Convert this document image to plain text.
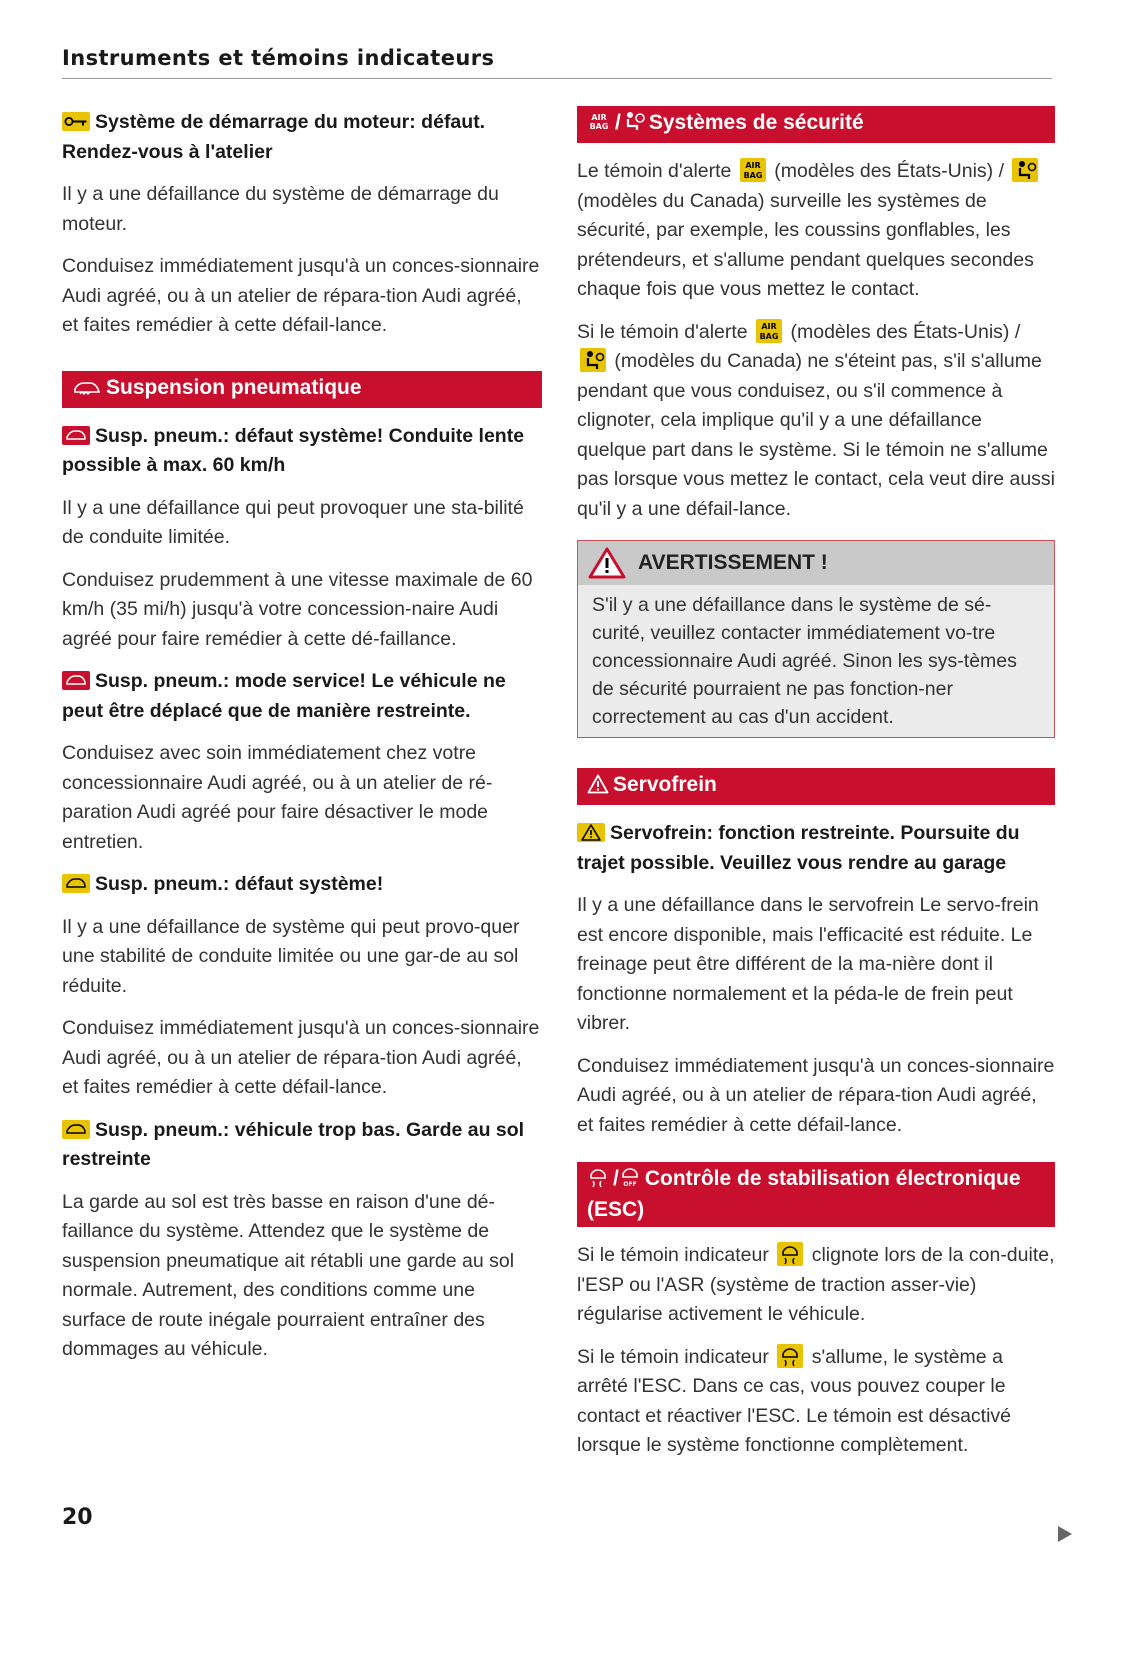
Instruments et témoins indicateurs
Système de démarrage du moteur: défaut. Rendez-vous à l'atelier

Il y a une défaillance du système de démarrage du moteur.

Conduisez immédiatement jusqu'à un conces-sionnaire Audi agréé, ou à un atelier de répara-tion Audi agréé, et faites remédier à cette défail-lance.

Suspension pneumatique
Susp. pneum.: défaut système! Conduite lente possible à max. 60 km/h

Il y a une défaillance qui peut provoquer une sta-bilité de conduite limitée.

Conduisez prudemment à une vitesse maximale de 60 km/h (35 mi/h) jusqu'à votre concession-naire Audi agréé pour faire remédier à cette dé-faillance.

Susp. pneum.: mode service! Le véhicule ne peut être déplacé que de manière restreinte.

Conduisez avec soin immédiatement chez votre concessionnaire Audi agréé, ou à un atelier de ré-paration Audi agréé pour faire désactiver le mode entretien.

Susp. pneum.: défaut système!

Il y a une défaillance de système qui peut provo-quer une stabilité de conduite limitée ou une gar-de au sol réduite.

Conduisez immédiatement jusqu'à un conces-sionnaire Audi agréé, ou à un atelier de répara-tion Audi agréé, et faites remédier à cette défail-lance.

Susp. pneum.: véhicule trop bas. Garde au sol restreinte

La garde au sol est très basse en raison d'une dé-faillance du système. Attendez que le système de suspension pneumatique ait rétabli une garde au sol normale. Autrement, des conditions comme une surface de route inégale pourraient entraîner des dommages au véhicule.

AIR
BAG / Systèmes de sécurité

Le témoin d'alerte AIR
BAG (modèles des États-Unis) /  (modèles du Canada) surveille les systèmes de sécurité, par exemple, les coussins gonflables, les prétendeurs, et s'allume pendant quelques secondes chaque fois que vous mettez le contact.

Si le témoin d'alerte AIR
BAG (modèles des États-Unis) /  (modèles du Canada) ne s'éteint pas, s'il s'allume pendant que vous conduisez, ou s'il commence à clignoter, cela implique qu'il y a une défaillance quelque part dans le système. Si le témoin ne s'allume pas lorsque vous mettez le contact, cela veut dire aussi qu'il y a une défail-lance.

AVERTISSEMENT !

S'il y a une défaillance dans le système de sé-curité, veuillez contacter immédiatement vo-tre concessionnaire Audi agréé. Sinon les sys-tèmes de sécurité pourraient ne pas fonction-ner correctement au cas d'un accident.

Servofrein
Servofrein: fonction restreinte. Poursuite du trajet possible. Veuillez vous rendre au garage

Il y a une défaillance dans le servofrein Le servo-frein est encore disponible, mais l'efficacité est réduite. Le freinage peut être différent de la ma-nière dont il fonctionne normalement et la péda-le de frein peut vibrer.

Conduisez immédiatement jusqu'à un conces-sionnaire Audi agréé, ou à un atelier de répara-tion Audi agréé, et faites remédier à cette défail-lance.

/ OFF Contrôle de stabilisation électronique (ESC)

Si le témoin indicateur clignote lors de la con-duite, l'ESP ou l'ASR (système de traction asser-vie) régularise activement le véhicule.

Si le témoin indicateur s'allume, le système a arrêté l'ESC. Dans ce cas, vous pouvez couper le contact et réactiver l'ESC. Le témoin est désactivé lorsque le système fonctionne complètement.

20
